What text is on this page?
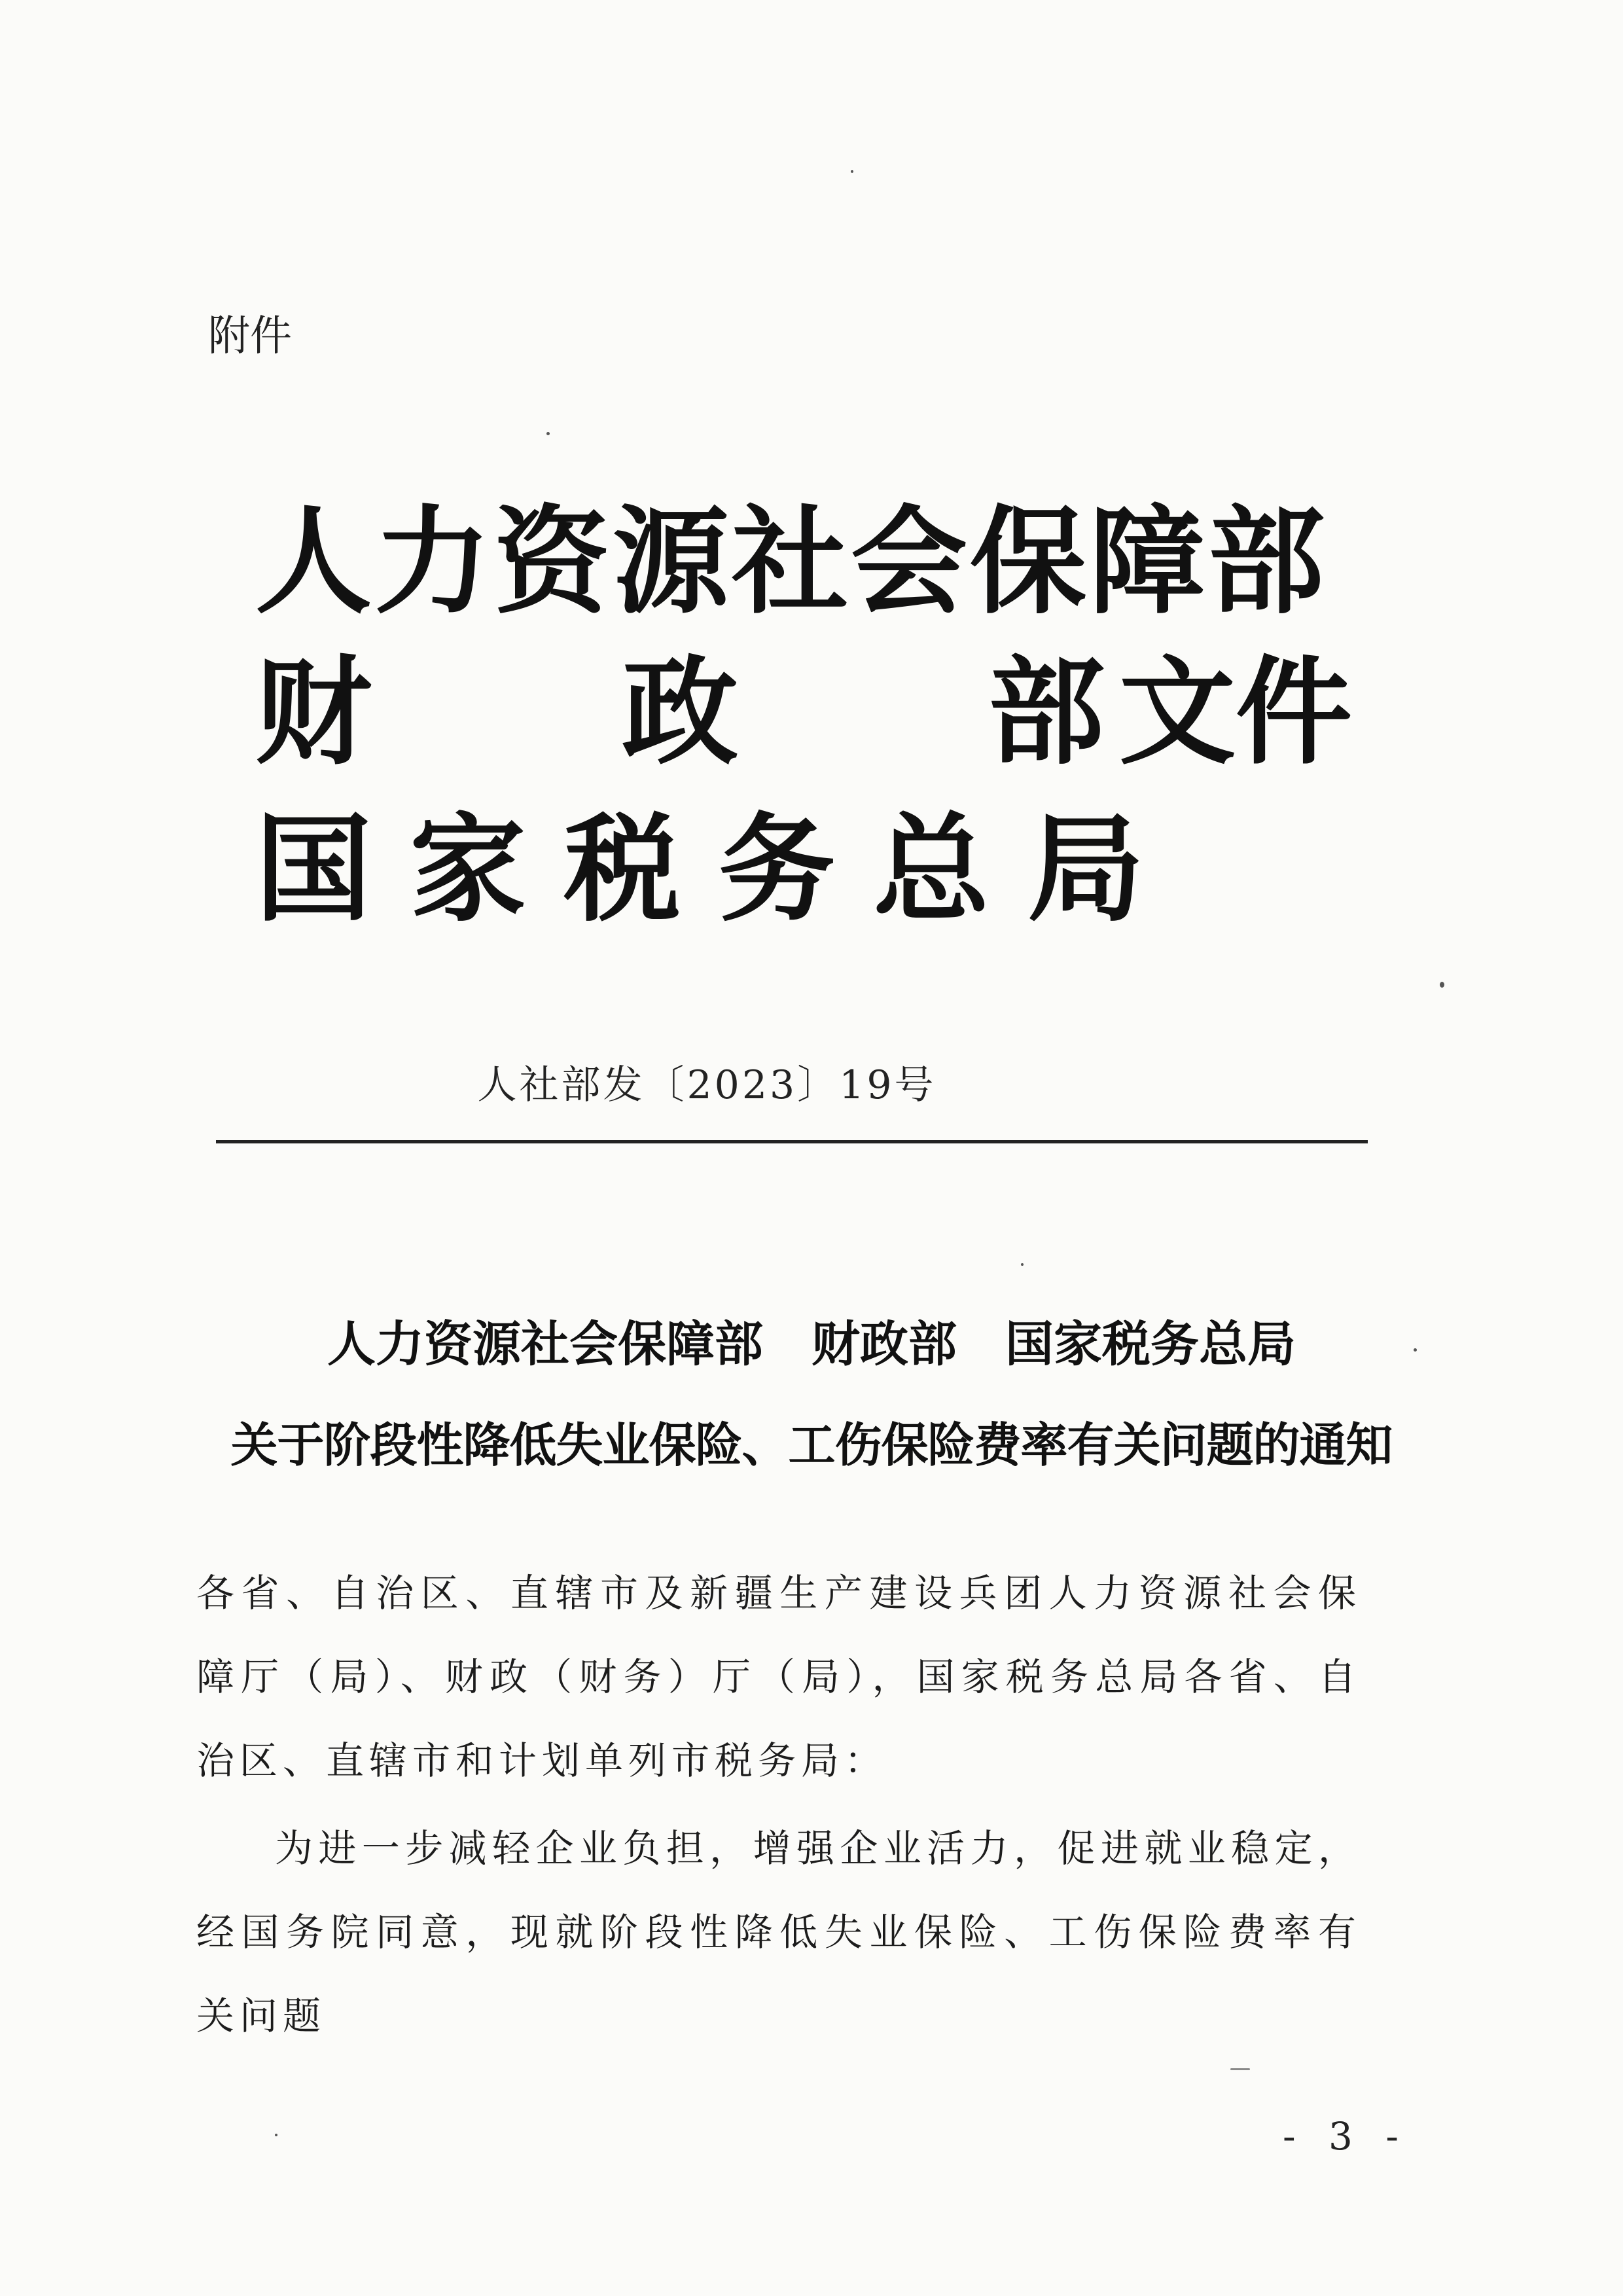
附件
人力资源社会保障部
财 政 部 文件
国家税务总局
人社部发〔2023〕19号
人力资源社会保障部　财政部　国家税务总局
关于阶段性降低失业保险、工伤保险费率有关问题的通知
各省、自治区、直辖市及新疆生产建设兵团人力资源社会保障厅（局）、财政（财务）厅（局），国家税务总局各省、自治区、直辖市和计划单列市税务局：
为进一步减轻企业负担，增强企业活力，促进就业稳定，经国务院同意，现就阶段性降低失业保险、工伤保险费率有关问题
- 3 -
